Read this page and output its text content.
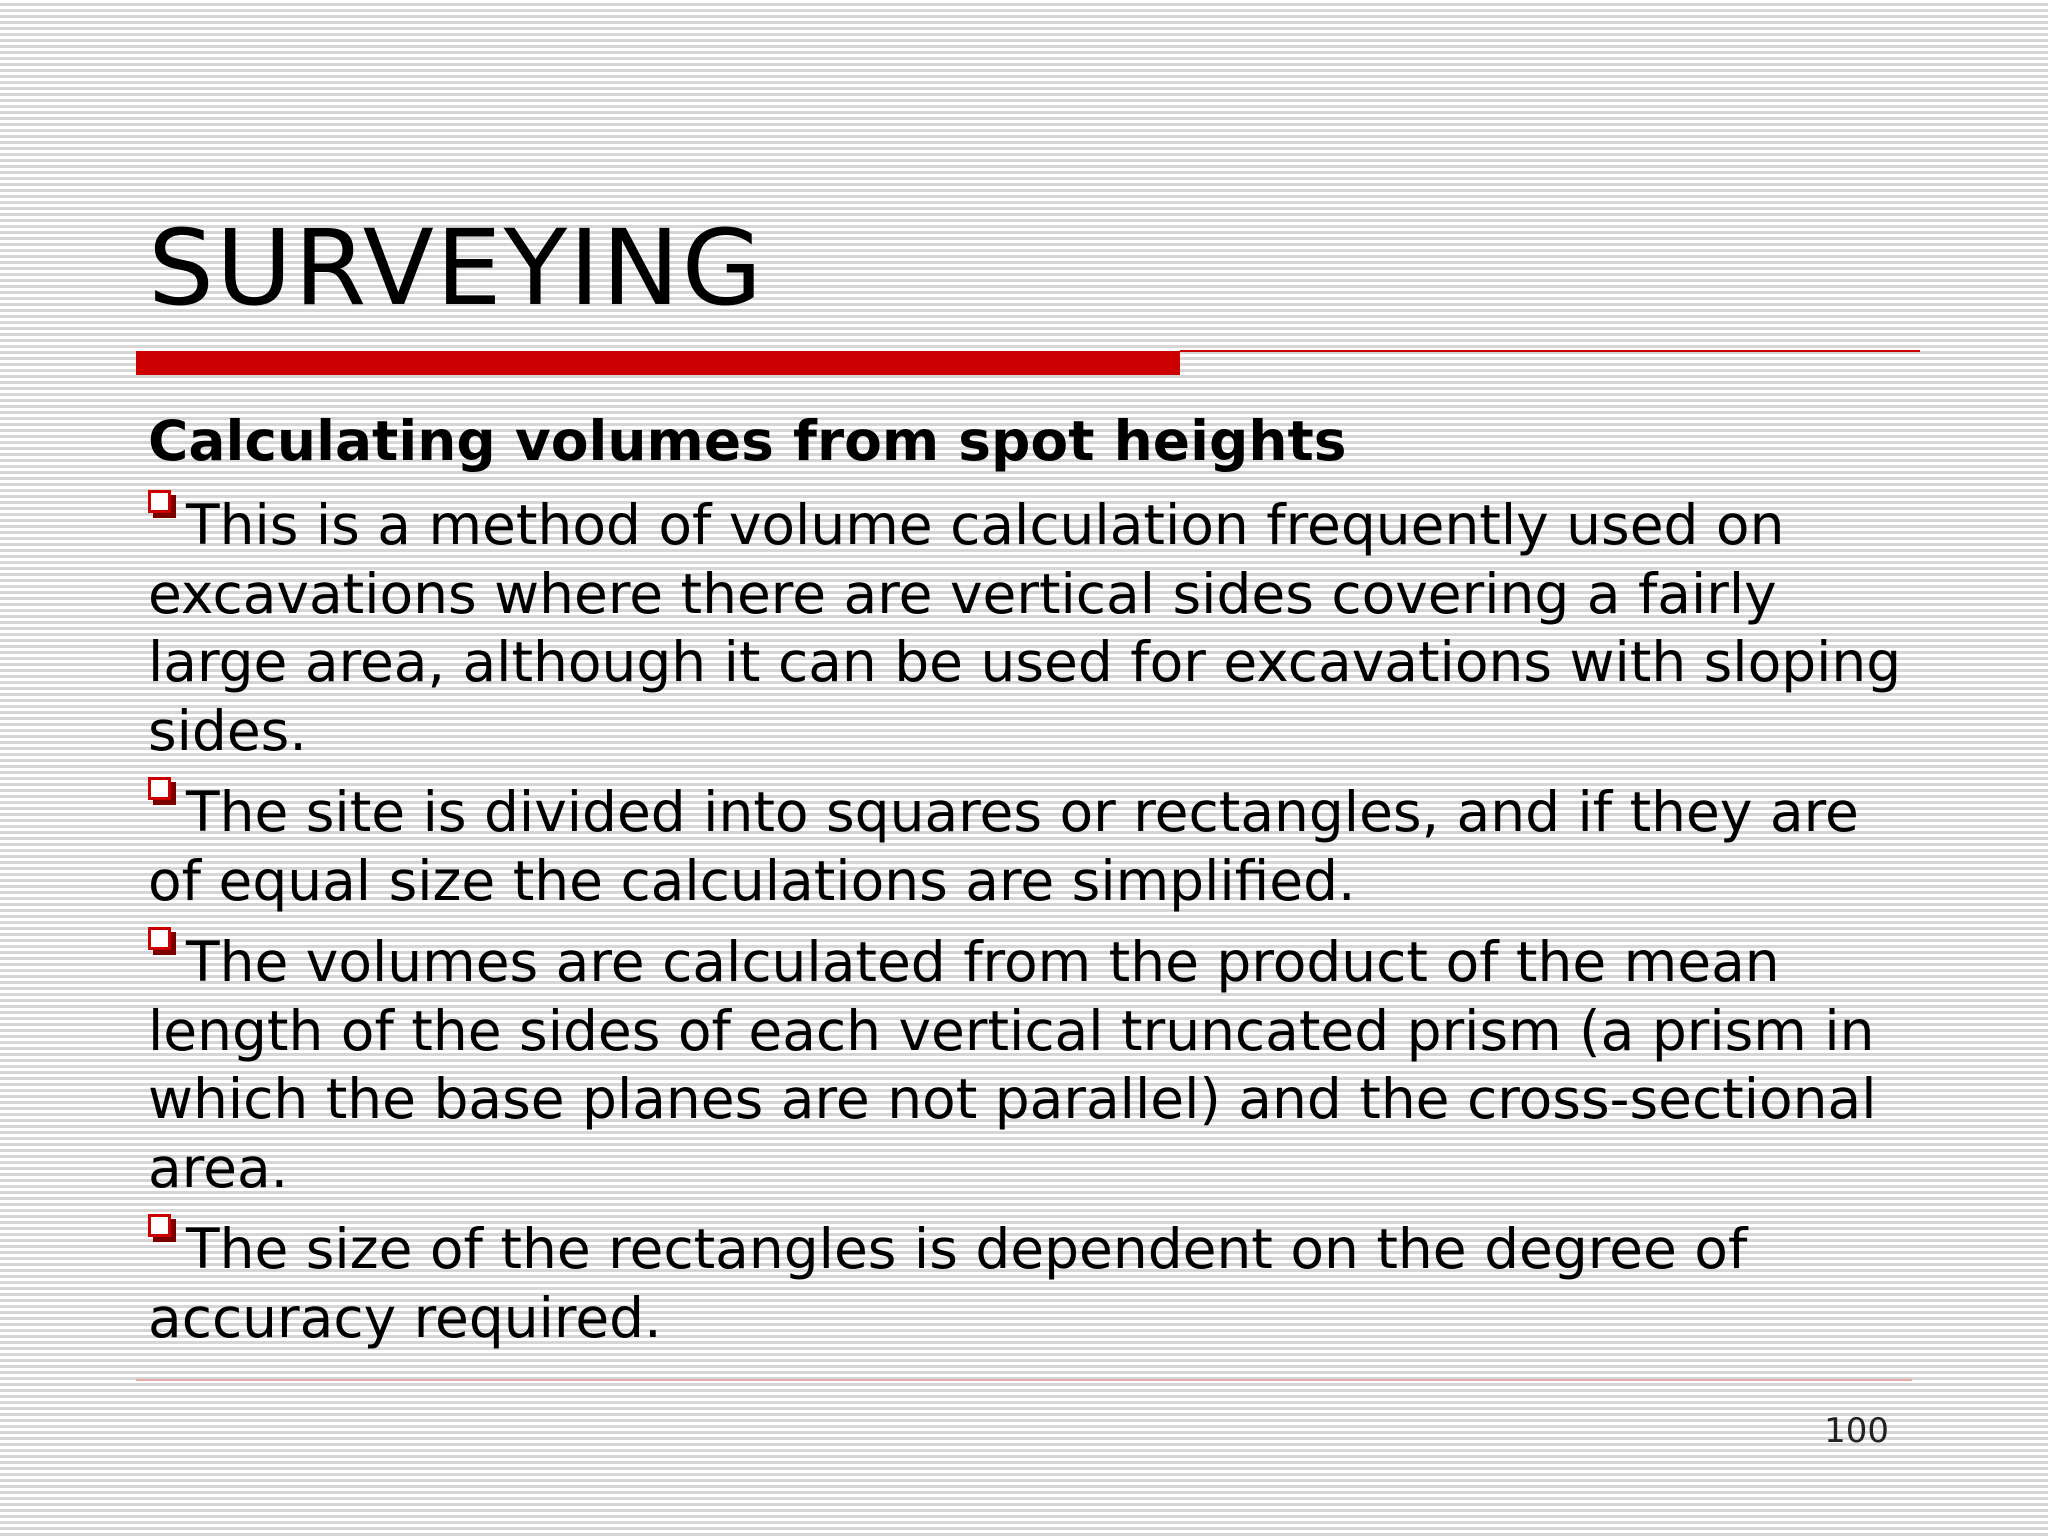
SURVEYING
Calculating volumes from spot heights
This is a method of volume calculation frequently used on excavations where there are vertical sides covering a fairly large area, although it can be used for excavations with sloping sides.
The site is divided into squares or rectangles, and if they are of equal size the calculations are simplified.
The volumes are calculated from the product of the mean length of the sides of each vertical truncated prism (a prism in which the base planes are not parallel) and the cross-sectional area.
The size of the rectangles is dependent on the degree of accuracy required.
100
